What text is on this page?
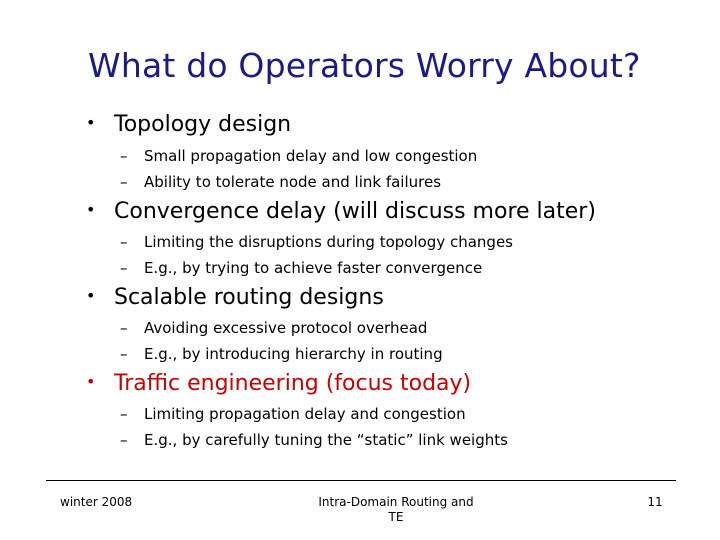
What do Operators Worry About?
• Topology design
– Small propagation delay and low congestion
– Ability to tolerate node and link failures
• Convergence delay (will discuss more later)
– Limiting the disruptions during topology changes
– E.g., by trying to achieve faster convergence
• Scalable routing designs
– Avoiding excessive protocol overhead
– E.g., by introducing hierarchy in routing
• Traffic engineering (focus today)
– Limiting propagation delay and congestion
– E.g., by carefully tuning the “static” link weights
winter 2008	Intra-Domain Routing and TE
11
